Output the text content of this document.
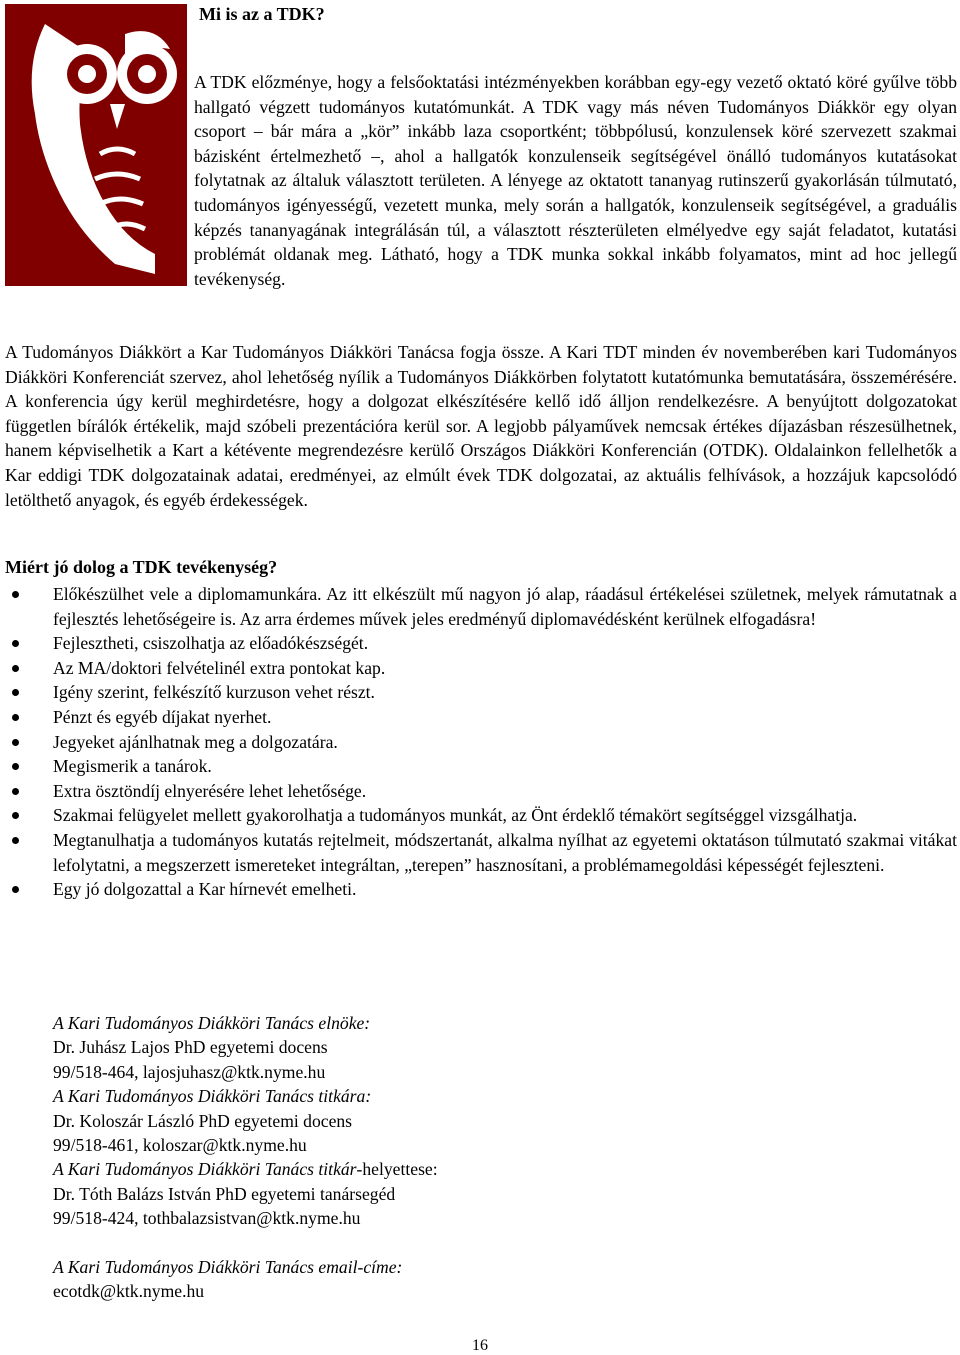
Mi is az a TDK?

A TDK előzménye, hogy a felsőoktatási intézményekben korábban egy-egy vezető oktató köré gyűlve több hallgató végzett tudományos kutatómunkát. A TDK vagy más néven Tudományos Diákkör egy olyan csoport – bár mára a „kör” inkább laza csoportként; többpólusú, konzulensek köré szervezett szakmai bázisként értelmezhető –, ahol a hallgatók konzulenseik segítségével önálló tudományos kutatásokat folytatnak az általuk választott területen. A lényege az oktatott tananyag rutinszerű gyakorlásán túlmutató, tudományos igényességű, vezetett munka, mely során a hallgatók, konzulenseik segítségével, a graduális képzés tananyagának integrálásán túl, a választott részterületen elmélyedve egy saját feladatot, kutatási problémát oldanak meg. Látható, hogy a TDK munka sokkal inkább folyamatos, mint ad hoc jellegű tevékenység.

A Tudományos Diákkört a Kar Tudományos Diákköri Tanácsa fogja össze. A Kari TDT minden év novemberében kari Tudományos Diákköri Konferenciát szervez, ahol lehetőség nyílik a Tudományos Diákkörben folytatott kutatómunka bemutatására, összemérésére. A konferencia úgy kerül meghirdetésre, hogy a dolgozat elkészítésére kellő idő álljon rendelkezésre. A benyújtott dolgozatokat független bírálók értékelik, majd szóbeli prezentációra kerül sor. A legjobb pályaművek nemcsak értékes díjazásban részesülhetnek, hanem képviselhetik a Kart a kétévente megrendezésre kerülő Országos Diákköri Konferencián (OTDK). Oldalainkon fellelhetők a Kar eddigi TDK dolgozatainak adatai, eredményei, az elmúlt évek TDK dolgozatai, az aktuális felhívások, a hozzájuk kapcsolódó letölthető anyagok, és egyéb érdekességek.

Miért jó dolog a TDK tevékenység?
Előkészülhet vele a diplomamunkára. Az itt elkészült mű nagyon jó alap, ráadásul értékelései születnek, melyek rámutatnak a fejlesztés lehetőségeire is. Az arra érdemes művek jeles eredményű diplomavédésként kerülnek elfogadásra!
Fejlesztheti, csiszolhatja az előadókészségét.
Az MA/doktori felvételinél extra pontokat kap.
Igény szerint, felkészítő kurzuson vehet részt.
Pénzt és egyéb díjakat nyerhet.
Jegyeket ajánlhatnak meg a dolgozatára.
Megismerik a tanárok.
Extra ösztöndíj elnyerésére lehet lehetősége.
Szakmai felügyelet mellett gyakorolhatja a tudományos munkát, az Önt érdeklő témakört segítséggel vizsgálhatja.
Megtanulhatja a tudományos kutatás rejtelmeit, módszertanát, alkalma nyílhat az egyetemi oktatáson túlmutató szakmai vitákat lefolytatni, a megszerzett ismereteket integráltan, „terepen” hasznosítani, a problémamegoldási képességét fejleszteni.
Egy jó dolgozattal a Kar hírnevét emelheti.
A Kari Tudományos Diákköri Tanács elnöke:
Dr. Juhász Lajos PhD egyetemi docens
99/518-464, lajosjuhasz@ktk.nyme.hu
A Kari Tudományos Diákköri Tanács titkára:
Dr. Koloszár László PhD egyetemi docens
99/518-461, koloszar@ktk.nyme.hu
A Kari Tudományos Diákköri Tanács titkár-helyettese:
Dr. Tóth Balázs István PhD egyetemi tanársegéd
99/518-424, tothbalazsistvan@ktk.nyme.hu
A Kari Tudományos Diákköri Tanács email-címe:
ecotdk@ktk.nyme.hu
16
